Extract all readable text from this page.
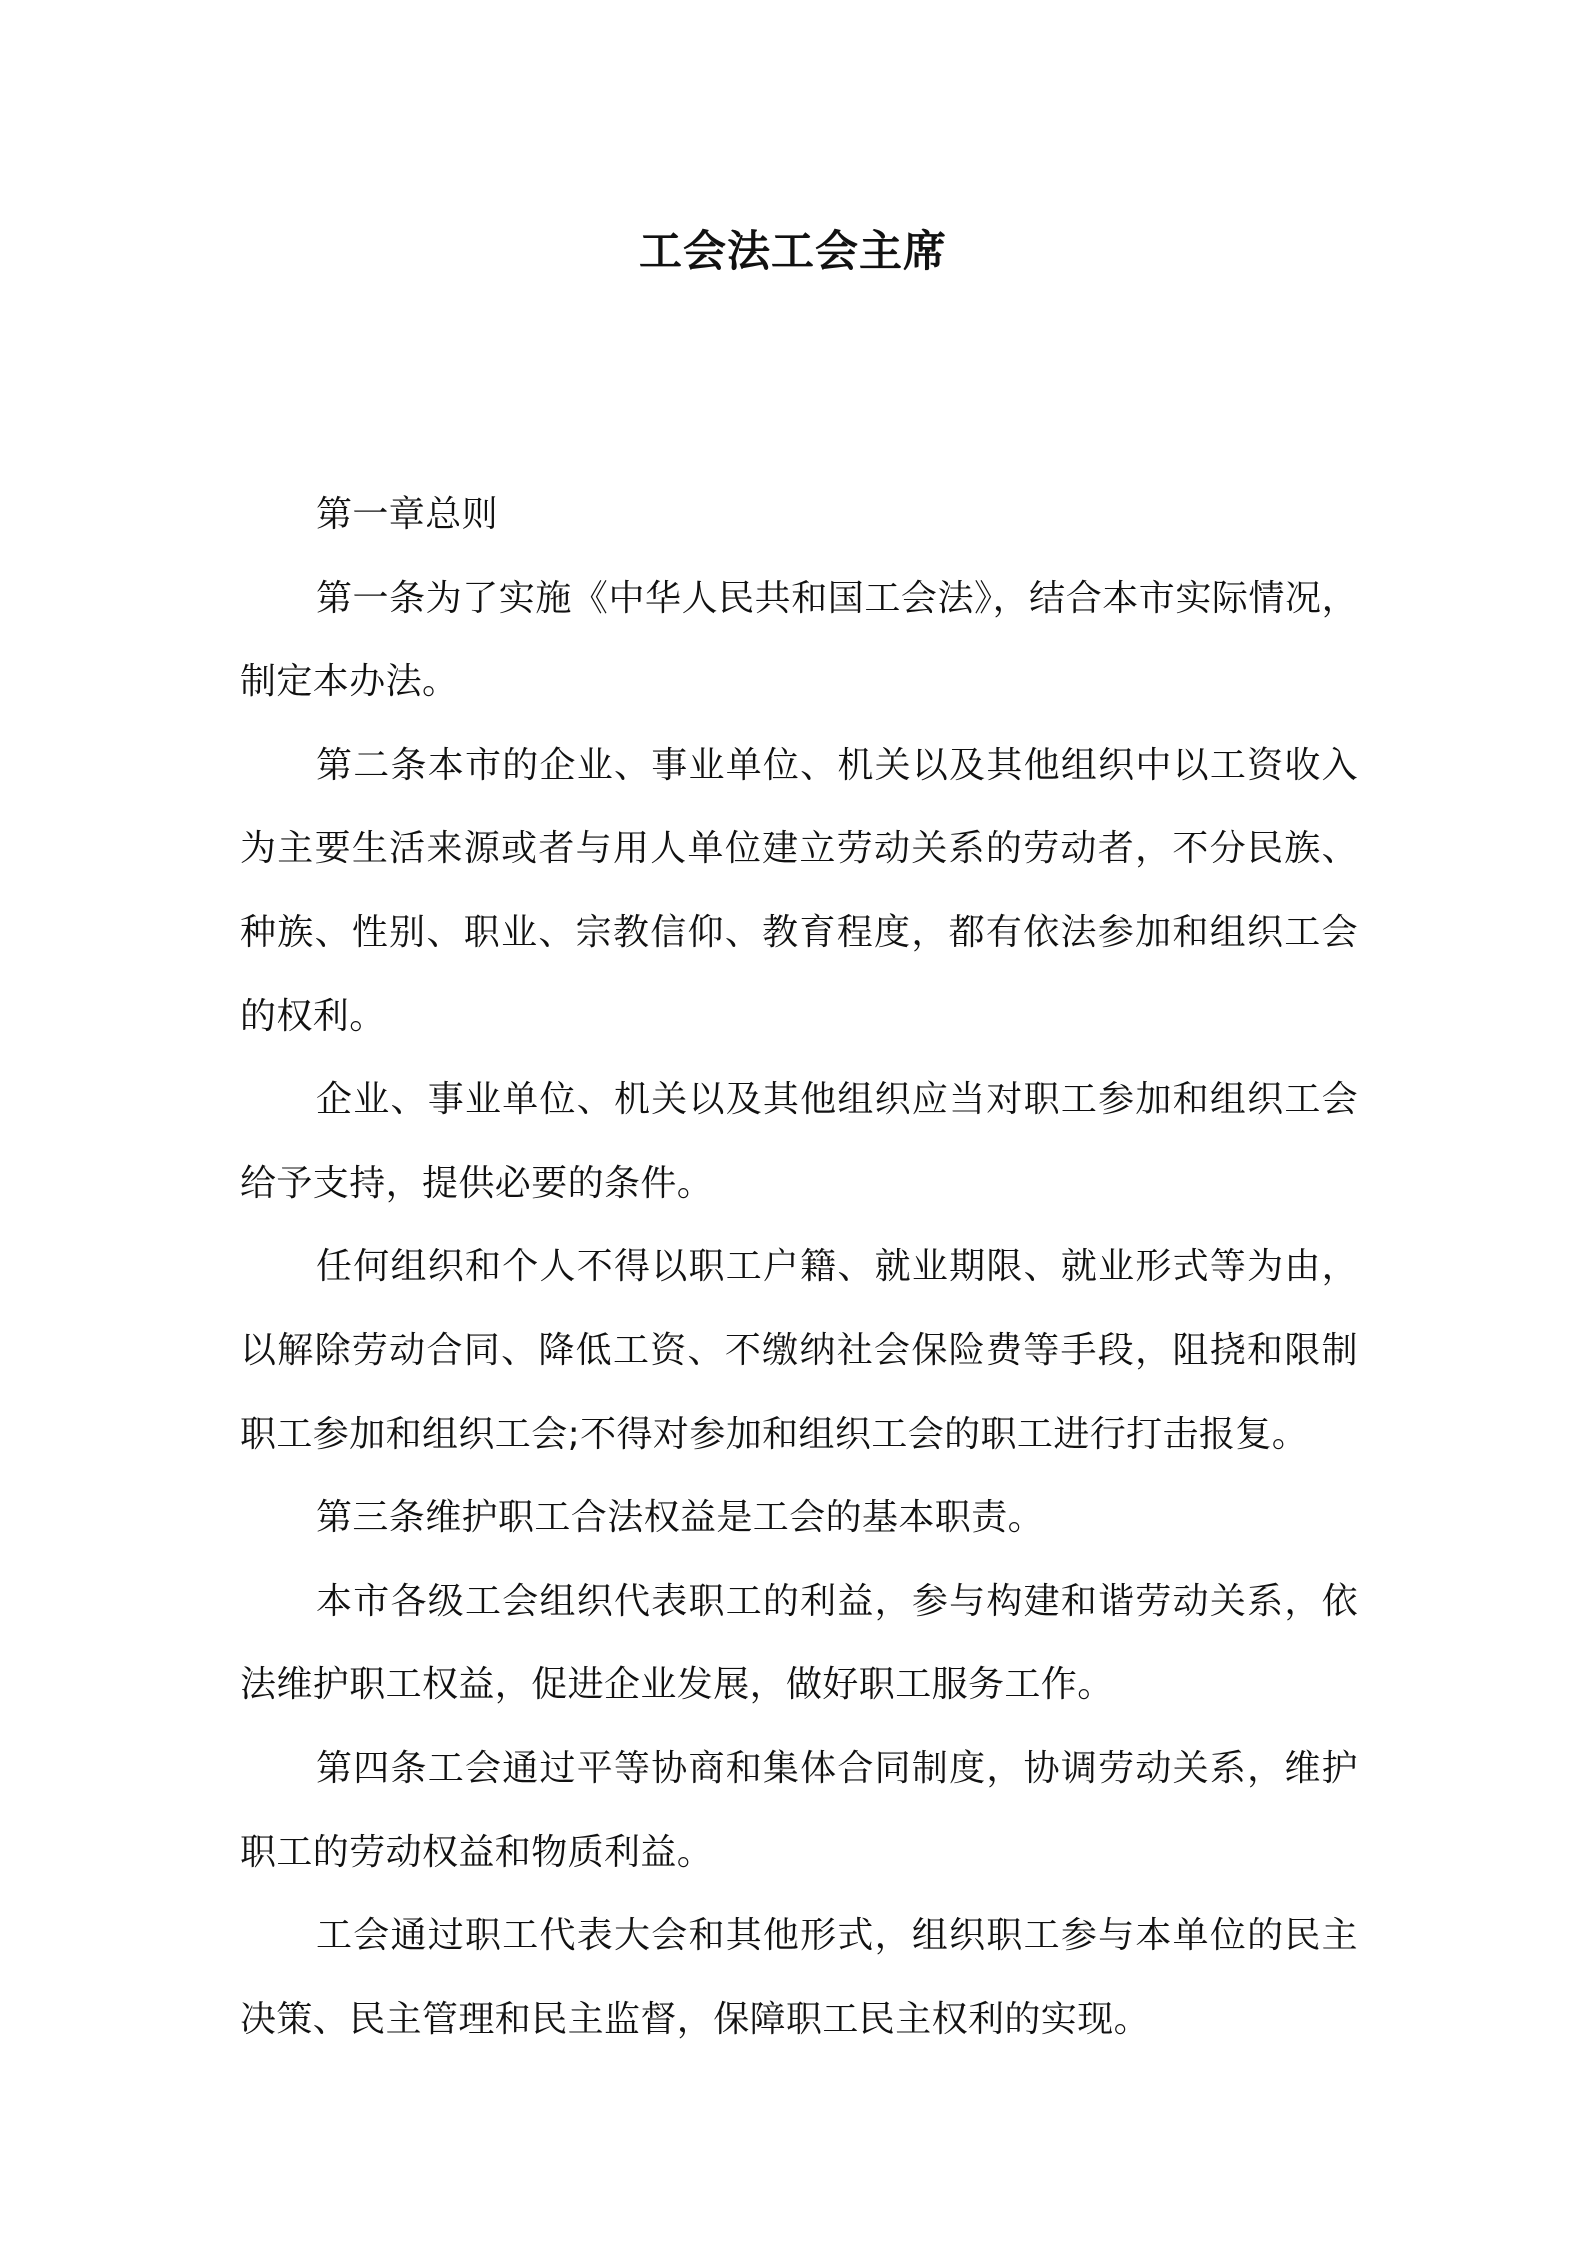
工会法工会主席

第一章总则

第一条为了实施《中华人民共和国工会法》，结合本市实际情况，制定本办法。

第二条本市的企业、事业单位、机关以及其他组织中以工资收入为主要生活来源或者与用人单位建立劳动关系的劳动者，不分民族、种族、性别、职业、宗教信仰、教育程度，都有依法参加和组织工会的权利。

企业、事业单位、机关以及其他组织应当对职工参加和组织工会给予支持，提供必要的条件。

任何组织和个人不得以职工户籍、就业期限、就业形式等为由，以解除劳动合同、降低工资、不缴纳社会保险费等手段，阻挠和限制职工参加和组织工会;不得对参加和组织工会的职工进行打击报复。

第三条维护职工合法权益是工会的基本职责。

本市各级工会组织代表职工的利益，参与构建和谐劳动关系，依法维护职工权益，促进企业发展，做好职工服务工作。

第四条工会通过平等协商和集体合同制度，协调劳动关系，维护职工的劳动权益和物质利益。

工会通过职工代表大会和其他形式，组织职工参与本单位的民主决策、民主管理和民主监督，保障职工民主权利的实现。
